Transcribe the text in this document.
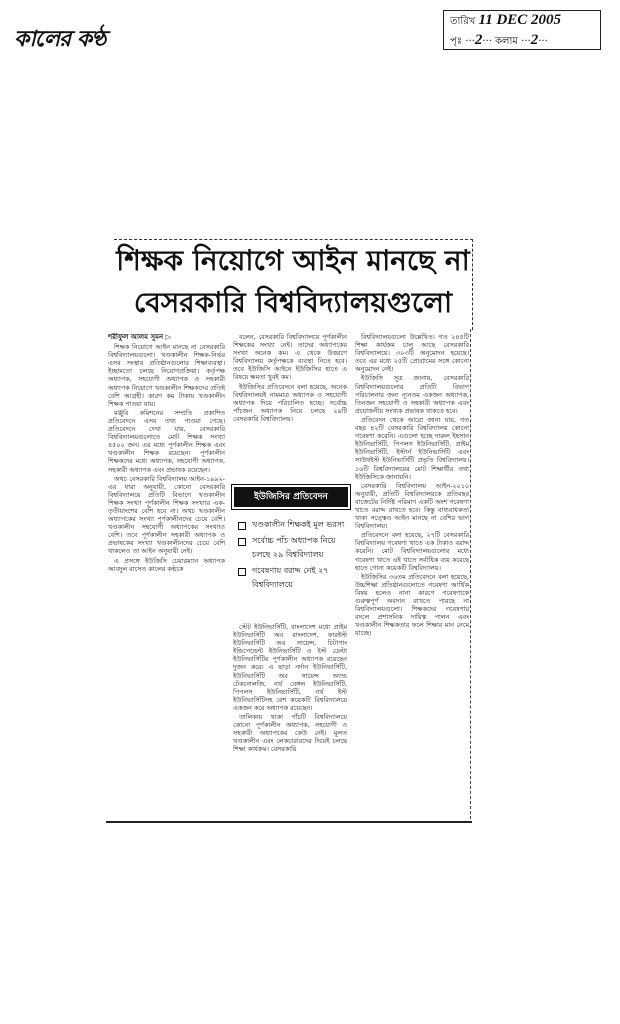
কালের কণ্ঠ
তারিখ 11 DEC 2005
পৃঃ ···2··· কলাম ···2···
শিক্ষক নিয়োগে আইন মানছে না
বেসরকারি বিশ্ববিদ্যালয়গুলো
শরীফুল আলম সুমন ▷

শিক্ষক নিয়োগে আইন মানছে না বেসরকারি বিশ্ববিদ্যালয়গুলো। খণ্ডকালীন শিক্ষক-নির্ভর এসব সংস্থার প্রতিষ্ঠানগুলোর শিক্ষাব্যবস্থা। ইচ্ছামতো চলছে নিয়োগপ্রক্রিয়া। কর্তৃপক্ষ অধ্যাপক, সহযোগী অধ্যাপক ও সহকারী অধ্যাপক নিয়োগে খণ্ডকালীন শিক্ষকদের প্রতিই বেশি আগ্রহী। কারণ কম টাকায় খণ্ডকালীন শিক্ষক পাওয়া যায়।

মঞ্জুরি কমিশনের সম্প্রতি প্রকাশিত প্রতিবেদনে এসব তথ্য পাওয়া গেছে। প্রতিবেদনে দেখা যায়, বেসরকারি বিশ্ববিদ্যালয়গুলোতে মোট শিক্ষক সংখ্যা ৪৫০০ জন। এর মধ্যে পূর্ণকালীন শিক্ষক এবং খণ্ডকালীন শিক্ষক রয়েছেন। পূর্ণকালীন শিক্ষকদের মধ্যে অধ্যাপক, সহযোগী অধ্যাপক, সহকারী অধ্যাপক এবং প্রভাষক রয়েছেন।

অথচ বেসরকারি বিশ্ববিদ্যালয় আইন-১৯৯২-এর ধারা অনুযায়ী, কোনো বেসরকারি বিশ্ববিদ্যালয়ে প্রতিটি বিভাগে খণ্ডকালীন শিক্ষক সংখ্যা পূর্ণকালীন শিক্ষক সংখ্যার এক-তৃতীয়াংশের বেশি হবে না। অথচ খণ্ডকালীন অধ্যাপকের সংখ্যা পূর্ণকালীনদের চেয়ে বেশি। খণ্ডকালীন সহযোগী অধ্যাপকের সংখ্যাও বেশি। তবে পূর্ণকালীন সহকারী অধ্যাপক ও প্রভাষকের সংখ্যা খণ্ডকালীনদের চেয়ে বেশি থাকলেও তা আইন অনুযায়ী নেই।

এ প্রসঙ্গে ইউজিসি চেয়ারম্যান অধ্যাপক আবদুল বাসেত কালের কণ্ঠকে

বলেন, বেসরকারি বিশ্ববিদ্যালয়ে পূর্ণকালীন শিক্ষকের সংখ্যা নেই। তাদের অধ্যাপকের সংখ্যা অনেক কম। এ থেকে উত্তরণে বিশ্ববিদ্যালয় কর্তৃপক্ষকে ব্যবস্থা নিতে হবে। তবে ইউজিসি আইনে ইউজিসির হাতে এ বিষয়ে ক্ষমতা খুবই কম।

ইউজিসির প্রতিবেদনে বলা হয়েছে, অনেক বিশ্ববিদ্যালয়ই নামমাত্র অধ্যাপক ও সহযোগী অধ্যাপক দিয়ে পরিচালিত হচ্ছে। সর্বোচ্চ পাঁচজন অধ্যাপক নিয়ে চলছে ২৯টি বেসরকারি বিশ্ববিদ্যালয়।

ইউজিসির প্রতিবেদন
খণ্ডকালীন শিক্ষকই মূল ভরসা
সর্বোচ্চ পাঁচ অধ্যাপক নিয়ে চলছে ২৯ বিশ্ববিদ্যালয়
গবেষণায় বরাদ্দ নেই ২৭ বিশ্ববিদ্যালয়ে

স্টেট ইউনিভার্সিটি, বাংলাদেশ মধ্যে প্রাইম ইউনিভার্সিটি অব বাংলাদেশ, ফারইস্ট ইউনিভার্সিটি অব সায়েন্স, চিটাগাং ইন্ডিপেন্ডেন্ট ইউনিভার্সিটি ও ইস্ট ডেল্টা ইউনিভার্সিটির পূর্ণকালীন অধ্যাপক রয়েছেন দুজন করে। এ ছাড়া নর্দান ইউনিভার্সিটি, ইউনিভার্সিটি অব সায়েন্স অ্যান্ড টেকনোলজি, নর্থ বেঙ্গল ইউনিভার্সিটি, পিপলস ইউনিভার্সিটি, নর্থ ইস্ট ইউনিভার্সিটিসহ বেশ কয়েকটি বিশ্ববিদ্যালয়ে একজন করে অধ্যাপক রয়েছেন।

তালিকায় থাকা পাঁচটি বিশ্ববিদ্যালয়ে কোনো পূর্ণকালীন অধ্যাপক, সহযোগী ও সহকারী অধ্যাপকের কেউ নেই। মূলত খণ্ডকালীন এবং লেকচারারদের দিয়েই চলছে শিক্ষা কার্যক্রম। বেসরকারি

বিশ্ববিদ্যালয়গুলো উল্লেখিত। গত ২৪৫টি শিক্ষা কার্যক্রম চালু আছে বেসরকারি বিশ্ববিদ্যালয়ে। ৩০৩টি অনুমোদন হয়েছে। তবে এর মধ্যে ২৫টি প্রোগ্রামের সঙ্গে কোনো অনুমোদন নেই।

ইউজিসি সূত্র জানায়, বেসরকারি বিশ্ববিদ্যালয়গুলোর প্রতিটি বিভাগ পরিচালনার জন্য ন্যূনতম একজন অধ্যাপক, তিনজন সহযোগী ও সহকারী অধ্যাপক এবং প্রয়োজনীয় সংখ্যক প্রভাষক থাকতে হবে।

প্রতিবেদন থেকে আরো জানা যায়, গত বছর ৪২টি বেসরকারি বিশ্ববিদ্যালয় কোনো গবেষণা করেনি। এগুলো হচ্ছে দারুল ইহসান ইউনিভার্সিটি, পিপলস ইউনিভার্সিটি, প্রাইম ইউনিভার্সিটি, ইস্টার্ন ইউনিভার্সিটি এবং সাউথইস্ট ইউনিভার্সিটি প্রভৃতি বিশ্ববিদ্যালয়। ১৬টি বিশ্ববিদ্যালয়ের মোট শিক্ষার্থীর তথ্য ইউজিসিকে জানায়নি।

বেসরকারি বিশ্ববিদ্যালয় আইন-২০১০ অনুযায়ী, প্রতিটি বিশ্ববিদ্যালয়কে প্রতিবছর বাজেটের নির্দিষ্ট পরিমাণ একটি অংশ গবেষণা খাতে বরাদ্দ রাখতে হবে। কিন্তু বাধ্যবাধকতা থাকা সত্ত্বেও আইন মানছে না বেশির ভাগ বিশ্ববিদ্যালয়।

প্রতিবেদনে বলা হয়েছে, ২৭টি বেসরকারি বিশ্ববিদ্যালয় গবেষণা খাতে এক টাকাও বরাদ্দ করেনি। মোট বিশ্ববিদ্যালয়গুলোর মধ্যে গবেষণা খাতে এই খাতে সর্বাধিক ব্যয় করেছে হাতে গোনা কয়েকটি বিশ্ববিদ্যালয়।

ইউজিসির ৩৬তম প্রতিবেদনে বলা হয়েছে, উচ্চশিক্ষা প্রতিষ্ঠানগুলোতে গবেষণা আর্থিক বিষয় হলেও নানা কারণে গবেষণাকে গুরুত্বপূর্ণ অবদান রাখতে পারছে না বিশ্ববিদ্যালয়গুলো। শিক্ষকদের গবেষণার বদলে প্রশাসনিক দায়িত্ব পালন এবং খণ্ডকালীন শিক্ষকতার ফলে শিক্ষার মান নেমে যাচ্ছে।
